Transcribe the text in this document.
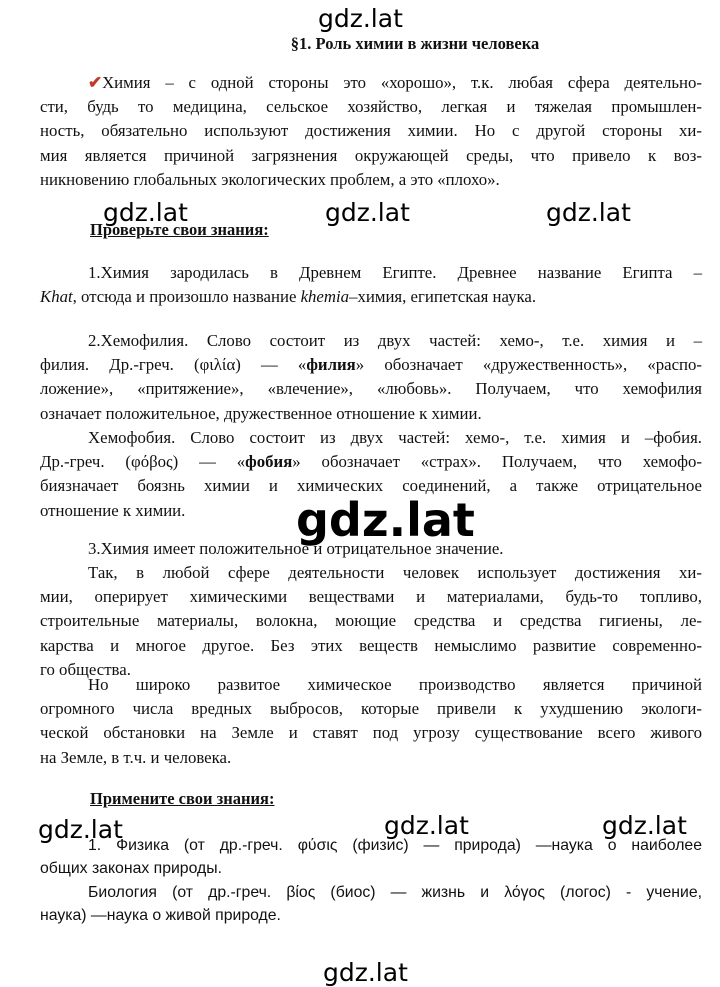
gdz.lat
gdz.lat	gdz.lat	gdz.lat
gdz.lat
gdz.lat	gdz.lat	gdz.lat
gdz.lat
§1. Роль химии в жизни человека
✔Химия – с одной стороны это «хорошо», т.к. любая сфера деятельно-
сти, будь то медицина, сельское хозяйство, легкая и тяжелая промышлен-
ность, обязательно используют достижения химии. Но с другой стороны хи-
мия является причиной загрязнения окружающей среды, что привело к воз-
никновению глобальных экологических проблем, а это «плохо».
Проверьте свои знания:
1.Химия зародилась в Древнем Египте. Древнее название Египта –
Khat, отсюда и произошло название khemia–химия, египетская наука.
2.Хемофилия. Слово состоит из двух частей: хемо-, т.е. химия и –
филия. Др.-греч. (φιλία) — «филия» обозначает «дружественность», «распо-
ложение», «притяжение», «влечение», «любовь». Получаем, что хемофилия
означает положительное, дружественное отношение к химии.
Хемофобия. Слово состоит из двух частей: хемо-, т.е. химия и –фобия.
Др.-греч. (φόβος) — «фобия» обозначает «страх». Получаем, что хемофо-
биязначает боязнь химии и химических соединений, а также отрицательное
отношение к химии.
3.Химия имеет положительное и отрицательное значение.
Так, в любой сфере деятельности человек использует достижения хи-
мии, оперирует химическими веществами и материалами, будь-то топливо,
строительные материалы, волокна, моющие средства и средства гигиены, ле-
карства и многое другое. Без этих веществ немыслимо развитие современно-
го общества.
Но широко развитое химическое производство является причиной
огромного числа вредных выбросов, которые привели к ухудшению экологи-
ческой обстановки на Земле и ставят под угрозу существование всего живого
на Земле, в т.ч. и человека.
Примените свои знания:
1. Физика (от др.-греч. φύσις (физис) — природа) —наука о наиболее
общих законах природы.
Биология (от др.-греч. βίος (биос) — жизнь и λόγος (логос) - учение,
наука) —наука о живой природе.
